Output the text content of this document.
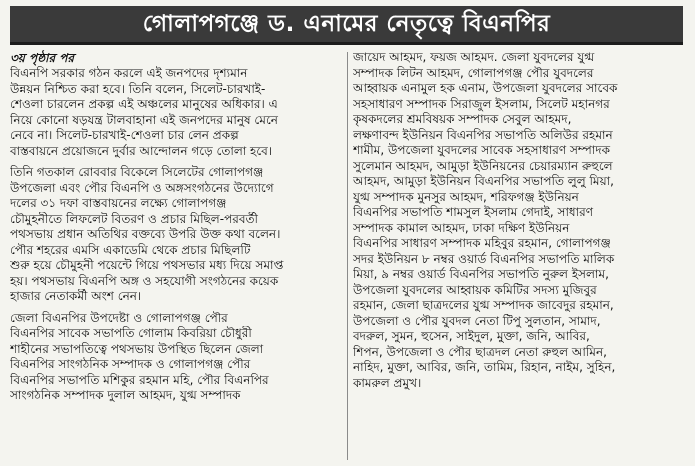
গোলাপগঞ্জে ড. এনামের নেতৃত্বে বিএনপির
৩য় পৃষ্ঠার পর
বিএনপি সরকার গঠন করলে এই জনপদের দৃশ্যমান
উন্নয়ন নিশ্চিত করা হবে। তিনি বলেন, সিলেট-চারখাই-
শেওলা চারলেন প্রকল্প এই অঞ্চলের মানুষের অধিকার। এ
নিয়ে কোনো ষড়যন্ত্র টালবাহানা এই জনপদের মানুষ মেনে
নেবে না। সিলেট-চারখাই-শেওলা চার লেন প্রকল্প
বাস্তবায়নে প্রয়োজনে দুর্বার আন্দোলন গড়ে তোলা হবে।
তিনি গতকাল রোববার বিকেলে সিলেটের গোলাপগঞ্জ
উপজেলা এবং পৌর বিএনপি ও অঙ্গসংগঠনের উদ্যোগে
দলের ৩১ দফা বাস্তবায়নের লক্ষ্যে গোলাপগঞ্জ
চৌমুহনীতে লিফলেট বিতরণ ও প্রচার মিছিল-পরবর্তী
পথসভায় প্রধান অতিথির বক্তব্যে উপরি উক্ত কথা বলেন।
পৌর শহরের এমসি একাডেমি থেকে প্রচার মিছিলটি
শুরু হয়ে চৌমুহনী পয়েন্টে গিয়ে পথসভার মধ্য দিয়ে সমাপ্ত
হয়। পথসভায় বিএনপি অঙ্গ ও সহযোগী সংগঠনের কয়েক
হাজার নেতাকর্মী অংশ নেন।
জেলা বিএনপির উপদেষ্টা ও গোলাপগঞ্জ পৌর
বিএনপির সাবেক সভাপতি গোলাম কিবরিয়া চৌধুরী
শাহীনের সভাপতিত্বে পথসভায় উপস্থিত ছিলেন জেলা
বিএনপির সাংগঠনিক সম্পাদক ও গোলাপগঞ্জ পৌর
বিএনপির সভাপতি মশিকুর রহমান মহি, পৌর বিএনপির
সাংগঠনিক সম্পাদক দুলাল আহমদ, যুগ্ম সম্পাদক
জায়েদ আহমদ, ফয়জ আহমদ. জেলা যুবদলের যুগ্ম
সম্পাদক লিটন আহমদ, গোলাপগঞ্জ পৌর যুবদলের
আহ্বায়ক এনামুল হক এনাম, উপজেলা যুবদলের সাবেক
সহসাধারণ সম্পাদক সিরাজুল ইসলাম, সিলেট মহানগর
কৃষকদলের শ্রমবিষয়ক সম্পাদক সেবুল আহমদ,
লক্ষণাবন্দ ইউনিয়ন বিএনপির সভাপতি অলিউর রহমান
শামীম, উপজেলা যুবদলের সাবেক সহসাধারণ সম্পাদক
সুলেমান আহমদ, আমুড়া ইউনিয়নের চেয়ারম্যান রুহুলে
আহমদ, আমুড়া ইউনিয়ন বিএনপির সভাপতি লুলু মিয়া,
যুগ্ম সম্পাদক মুনসুর আহমদ, শরিফগঞ্জ ইউনিয়ন
বিএনপির সভাপতি শামসুল ইসলাম গেদাই, সাধারণ
সম্পাদক কামাল আহমদ, ঢাকা দক্ষিণ ইউনিয়ন
বিএনপির সাধারণ সম্পাদক মহিবুর রহমান, গোলাপগঞ্জ
সদর ইউনিয়ন ৮ নম্বর ওয়ার্ড বিএনপির সভাপতি মালিক
মিয়া, ৯ নম্বর ওয়ার্ড বিএনপির সভাপতি নুরুল ইসলাম,
উপজেলা যুবদলের আহ্বায়ক কমিটির সদস্য মুজিবুর
রহমান, জেলা ছাত্রদলের যুগ্ম সম্পাদক জাবেদুর রহমান,
উপজেলা ও পৌর যুবদল নেতা টিপু সুলতান, সামাদ,
বদরুল, সুমন, হুসেন, সাইদুল, মুক্তা, জনি, আবির,
শিপন, উপজেলা ও পৌর ছাত্রদল নেতা রুহুল আমিন,
নাহিদ, মুক্তা, আবির, জনি, তামিম, রিহান, নাইম, সুহিন,
কামরুল প্রমুখ।
